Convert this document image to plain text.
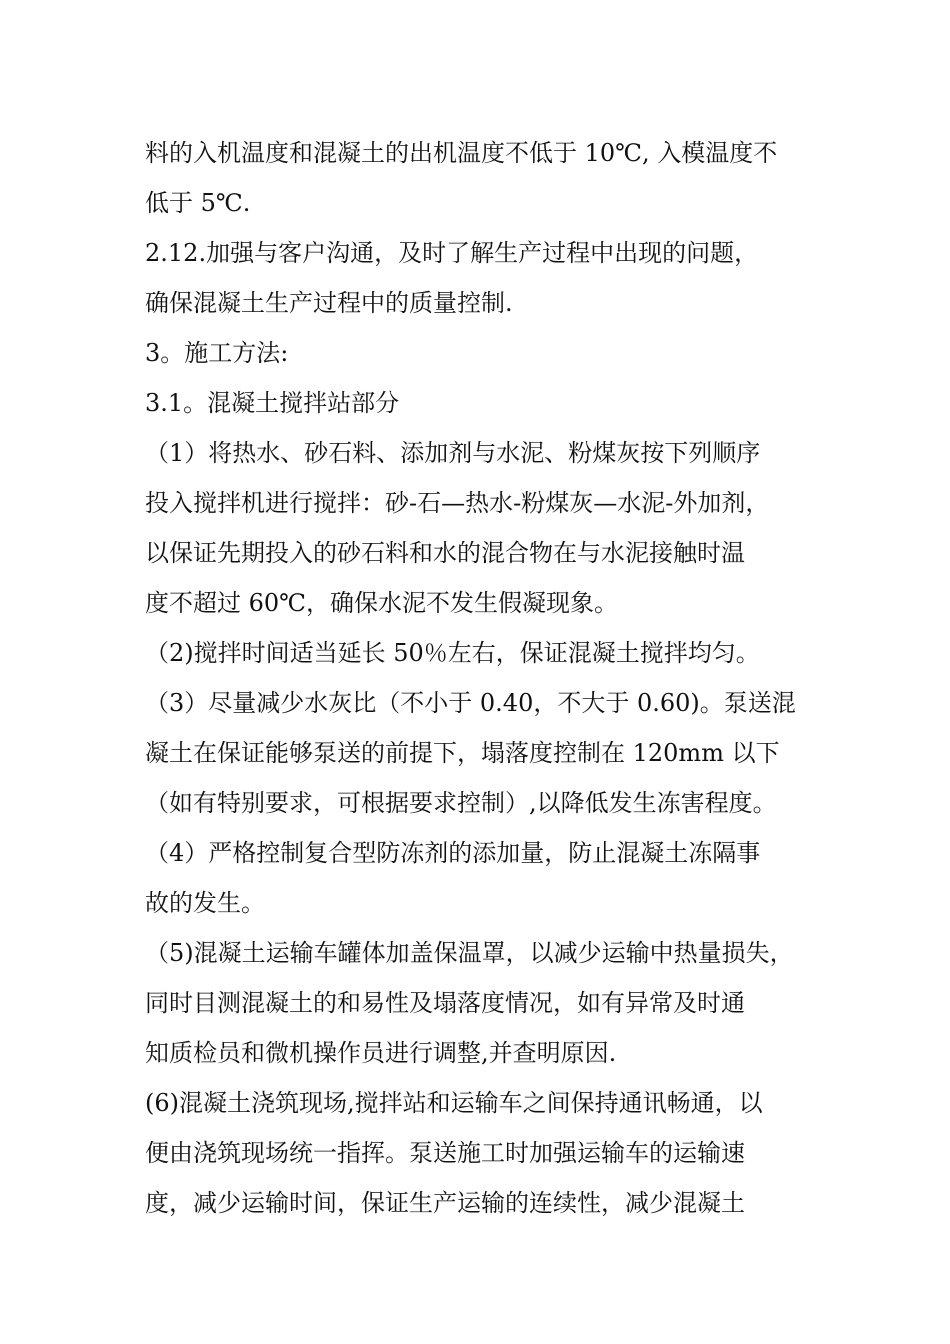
料的入机温度和混凝土的出机温度不低于 10℃, 入模温度不
低于 5℃.
2.12.加强与客户沟通，及时了解生产过程中出现的问题，
确保混凝土生产过程中的质量控制.
3。施工方法:
3.1。混凝土搅拌站部分
（1）将热水、砂石料、添加剂与水泥、粉煤灰按下列顺序
投入搅拌机进行搅拌：砂-石—热水-粉煤灰—水泥-外加剂，
以保证先期投入的砂石料和水的混合物在与水泥接触时温
度不超过 60℃，确保水泥不发生假凝现象。
（2)搅拌时间适当延长 50％左右，保证混凝土搅拌均匀。
（3）尽量减少水灰比（不小于 0.40，不大于 0.60)。泵送混
凝土在保证能够泵送的前提下，塌落度控制在 120mm 以下
（如有特别要求，可根据要求控制）,以降低发生冻害程度。
（4）严格控制复合型防冻剂的添加量，防止混凝土冻隔事
故的发生。
（5)混凝土运输车罐体加盖保温罩，以减少运输中热量损失，
同时目测混凝土的和易性及塌落度情况，如有异常及时通
知质检员和微机操作员进行调整,并查明原因.
(6)混凝土浇筑现场,搅拌站和运输车之间保持通讯畅通，以
便由浇筑现场统一指挥。泵送施工时加强运输车的运输速
度，减少运输时间，保证生产运输的连续性，减少混凝土
